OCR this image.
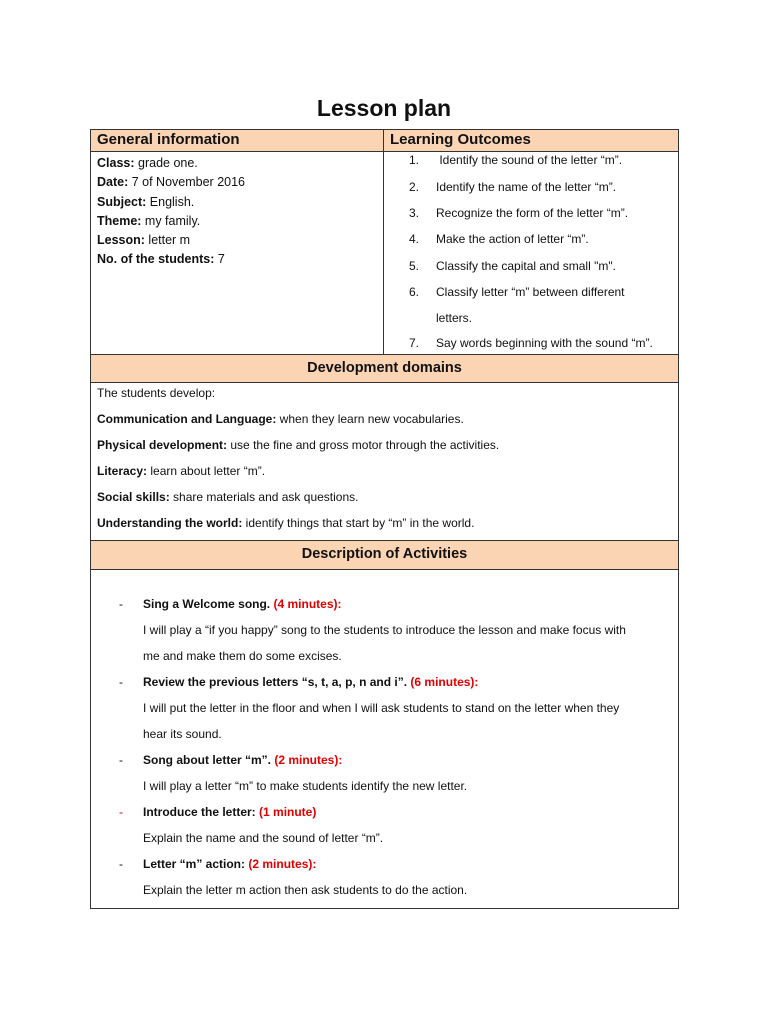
Lesson plan
General information	Learning Outcomes
Class: grade one.
Date: 7 of November 2016
Subject: English.
Theme: my family.
Lesson: letter m
No. of the students: 7
1. Identify the sound of the letter “m”.
2. Identify the name of the letter “m”.
3. Recognize the form of the letter “m”.
4. Make the action of letter “m”.
5. Classify the capital and small "m".
6. Classify letter “m” between different
letters.
7. Say words beginning with the sound “m”.
Development domains
The students develop:
Communication and Language: when they learn new vocabularies.
Physical development: use the fine and gross motor through the activities.
Literacy: learn about letter “m”.
Social skills: share materials and ask questions.
Understanding the world: identify things that start by “m” in the world.
Description of Activities
- Sing a Welcome song. (4 minutes):
I will play a “if you happy” song to the students to introduce the lesson and make focus with
me and make them do some excises.
- Review the previous letters “s, t, a, p, n and i”. (6 minutes):
I will put the letter in the floor and when I will ask students to stand on the letter when they
hear its sound.
- Song about letter “m”. (2 minutes):
I will play a letter “m” to make students identify the new letter.
- Introduce the letter: (1 minute)
Explain the name and the sound of letter “m”.
- Letter “m” action: (2 minutes):
Explain the letter m action then ask students to do the action.
